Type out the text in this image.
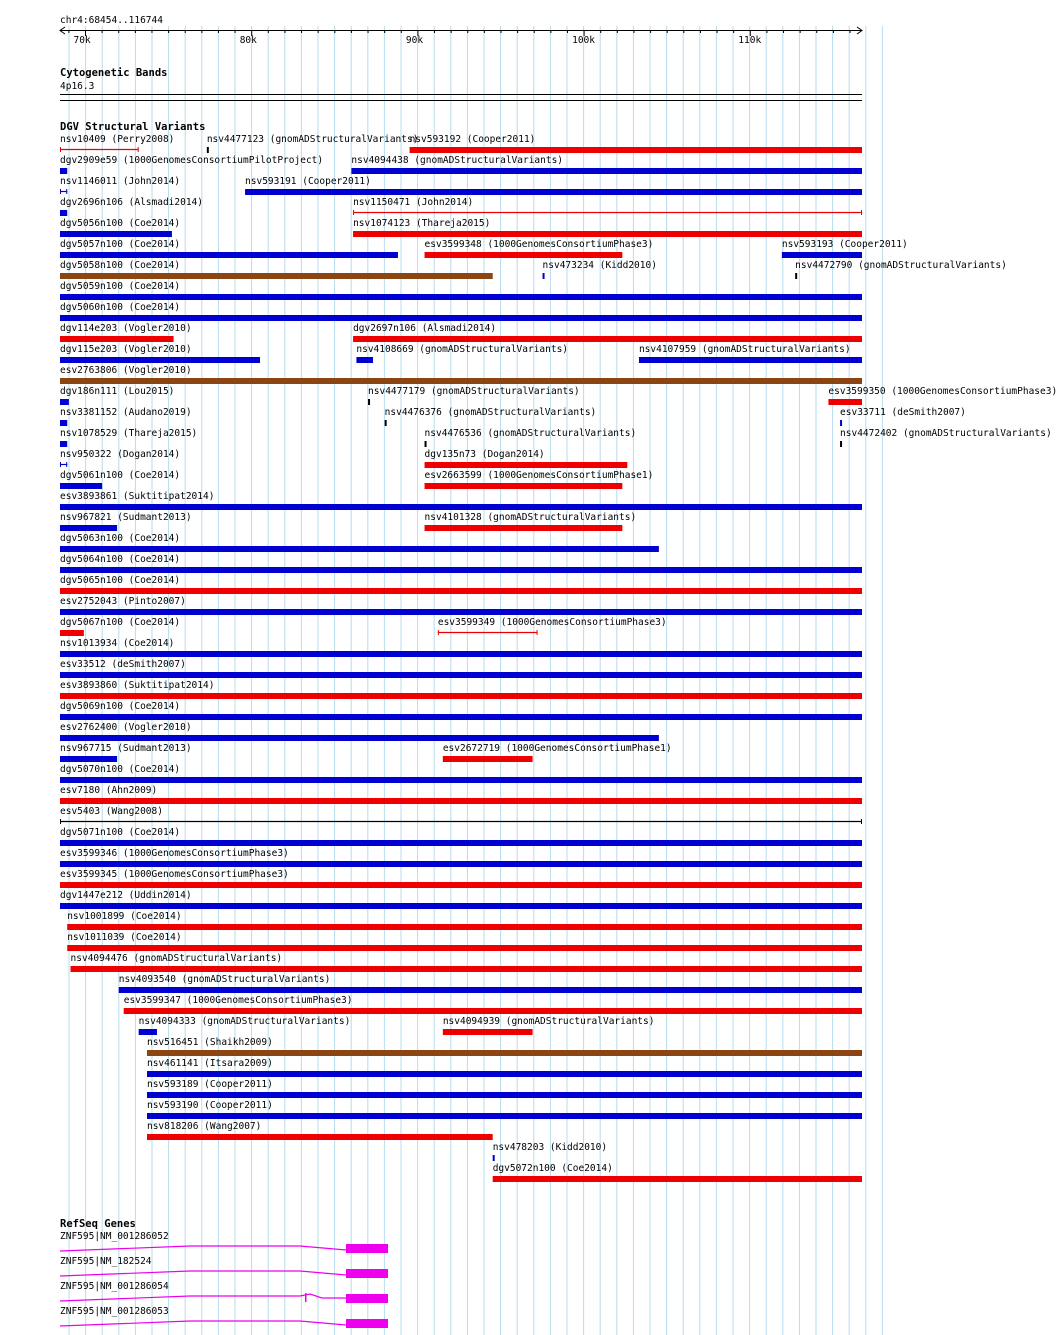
chr4:68454..116744
70k	80k	90k	100k	110k
Cytogenetic Bands
4p16.3
DGV Structural Variants
nsv10409 (Perry2008)	nsv4477123 (gnomADStructuralVariants)
nsv593192 (Cooper2011)
dgv2909e59 (1000GenomesConsortiumPilotProject)	nsv4094438 (gnomADStructuralVariants)
nsv1146011 (John2014)	nsv593191 (Cooper2011)
dgv2696n106 (Alsmadi2014)	nsv1150471 (John2014)
dgv5056n100 (Coe2014)	nsv1074123 (Thareja2015)
dgv5057n100 (Coe2014)	esv3599348 (1000GenomesConsortiumPhase3)	nsv593193 (Cooper2011)
dgv5058n100 (Coe2014)	nsv473234 (Kidd2010)	nsv4472790 (gnomADStructuralVariants)
dgv5059n100 (Coe2014)
dgv5060n100 (Coe2014)
dgv114e203 (Vogler2010)	dgv2697n106 (Alsmadi2014)
dgv115e203 (Vogler2010)	nsv4108669 (gnomADStructuralVariants)	nsv4107959 (gnomADStructuralVariants)
esv2763806 (Vogler2010)
dgv186n111 (Lou2015)	nsv4477179 (gnomADStructuralVariants)	esv3599350 (1000GenomesConsortiumPhase3)
nsv3381152 (Audano2019)	nsv4476376 (gnomADStructuralVariants)	esv33711 (deSmith2007)
nsv1078529 (Thareja2015)	nsv4476536 (gnomADStructuralVariants)	nsv4472402 (gnomADStructuralVariants)
nsv950322 (Dogan2014)	dgv135n73 (Dogan2014)
dgv5061n100 (Coe2014)	esv2663599 (1000GenomesConsortiumPhase1)
esv3893861 (Suktitipat2014)
nsv967821 (Sudmant2013)	nsv4101328 (gnomADStructuralVariants)
dgv5063n100 (Coe2014)
dgv5064n100 (Coe2014)
dgv5065n100 (Coe2014)
esv2752043 (Pinto2007)
dgv5067n100 (Coe2014)	esv3599349 (1000GenomesConsortiumPhase3)
nsv1013934 (Coe2014)
esv33512 (deSmith2007)
esv3893860 (Suktitipat2014)
dgv5069n100 (Coe2014)
esv2762400 (Vogler2010)
nsv967715 (Sudmant2013)	esv2672719 (1000GenomesConsortiumPhase1)
dgv5070n100 (Coe2014)
esv7180 (Ahn2009)
esv5403 (Wang2008)
dgv5071n100 (Coe2014)
esv3599346 (1000GenomesConsortiumPhase3)
esv3599345 (1000GenomesConsortiumPhase3)
dgv1447e212 (Uddin2014)
nsv1001899 (Coe2014)
nsv1011039 (Coe2014)
nsv4094476 (gnomADStructuralVariants)
nsv4093540 (gnomADStructuralVariants)
esv3599347 (1000GenomesConsortiumPhase3)
nsv4094333 (gnomADStructuralVariants)	nsv4094939 (gnomADStructuralVariants)
nsv516451 (Shaikh2009)
nsv461141 (Itsara2009)
nsv593189 (Cooper2011)
nsv593190 (Cooper2011)
nsv818206 (Wang2007)
nsv478203 (Kidd2010)
dgv5072n100 (Coe2014)
RefSeq Genes
ZNF595|NM_001286052
ZNF595|NM_182524
ZNF595|NM_001286054
ZNF595|NM_001286053
